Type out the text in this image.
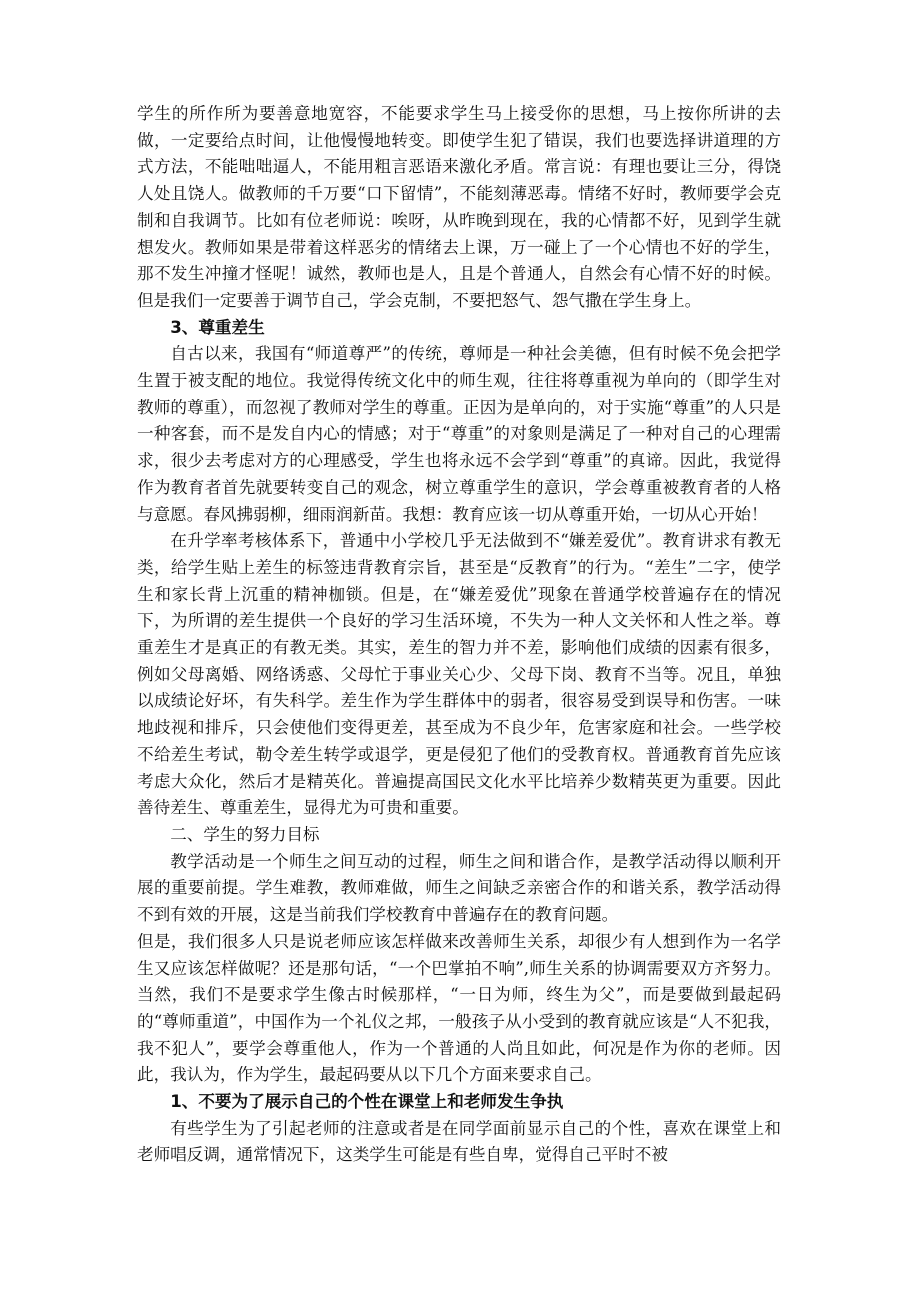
学生的所作所为要善意地宽容，不能要求学生马上接受你的思想，马上按你所讲的去做，一定要给点时间，让他慢慢地转变。即使学生犯了错误，我们也要选择讲道理的方式方法，不能咄咄逼人，不能用粗言恶语来激化矛盾。常言说：有理也要让三分，得饶人处且饶人。做教师的千万要“口下留情”，不能刻薄恶毒。情绪不好时，教师要学会克制和自我调节。比如有位老师说：唉呀，从昨晚到现在，我的心情都不好，见到学生就想发火。教师如果是带着这样恶劣的情绪去上课，万一碰上了一个心情也不好的学生，那不发生冲撞才怪呢！诚然，教师也是人，且是个普通人，自然会有心情不好的时候。但是我们一定要善于调节自己，学会克制，不要把怒气、怨气撒在学生身上。

3、尊重差生

自古以来，我国有“师道尊严”的传统，尊师是一种社会美德，但有时候不免会把学生置于被支配的地位。我觉得传统文化中的师生观，往往将尊重视为单向的（即学生对教师的尊重），而忽视了教师对学生的尊重。正因为是单向的，对于实施“尊重”的人只是一种客套，而不是发自内心的情感；对于“尊重”的对象则是满足了一种对自己的心理需求，很少去考虑对方的心理感受，学生也将永远不会学到“尊重”的真谛。因此，我觉得作为教育者首先就要转变自己的观念，树立尊重学生的意识，学会尊重被教育者的人格与意愿。春风拂弱柳，细雨润新苗。我想：教育应该一切从尊重开始，一切从心开始！

在升学率考核体系下，普通中小学校几乎无法做到不“嫌差爱优”。教育讲求有教无类，给学生贴上差生的标签违背教育宗旨，甚至是“反教育”的行为。“差生”二字，使学生和家长背上沉重的精神枷锁。但是，在“嫌差爱优”现象在普通学校普遍存在的情况下，为所谓的差生提供一个良好的学习生活环境，不失为一种人文关怀和人性之举。尊重差生才是真正的有教无类。其实，差生的智力并不差，影响他们成绩的因素有很多，例如父母离婚、网络诱惑、父母忙于事业关心少、父母下岗、教育不当等。况且，单独以成绩论好坏，有失科学。差生作为学生群体中的弱者，很容易受到误导和伤害。一味地歧视和排斥，只会使他们变得更差，甚至成为不良少年，危害家庭和社会。一些学校不给差生考试，勒令差生转学或退学，更是侵犯了他们的受教育权。普通教育首先应该考虑大众化，然后才是精英化。普遍提高国民文化水平比培养少数精英更为重要。因此善待差生、尊重差生，显得尤为可贵和重要。

二、学生的努力目标

教学活动是一个师生之间互动的过程，师生之间和谐合作，是教学活动得以顺利开展的重要前提。学生难教，教师难做，师生之间缺乏亲密合作的和谐关系，教学活动得不到有效的开展，这是当前我们学校教育中普遍存在的教育问题。

但是，我们很多人只是说老师应该怎样做来改善师生关系，却很少有人想到作为一名学生又应该怎样做呢？还是那句话，“一个巴掌拍不响”,师生关系的协调需要双方齐努力。当然，我们不是要求学生像古时候那样，“一日为师，终生为父”，而是要做到最起码的“尊师重道”，中国作为一个礼仪之邦，一般孩子从小受到的教育就应该是“人不犯我，我不犯人”，要学会尊重他人，作为一个普通的人尚且如此，何况是作为你的老师。因此，我认为，作为学生，最起码要从以下几个方面来要求自己。

1、不要为了展示自己的个性在课堂上和老师发生争执

有些学生为了引起老师的注意或者是在同学面前显示自己的个性，喜欢在课堂上和老师唱反调，通常情况下，这类学生可能是有些自卑，觉得自己平时不被
